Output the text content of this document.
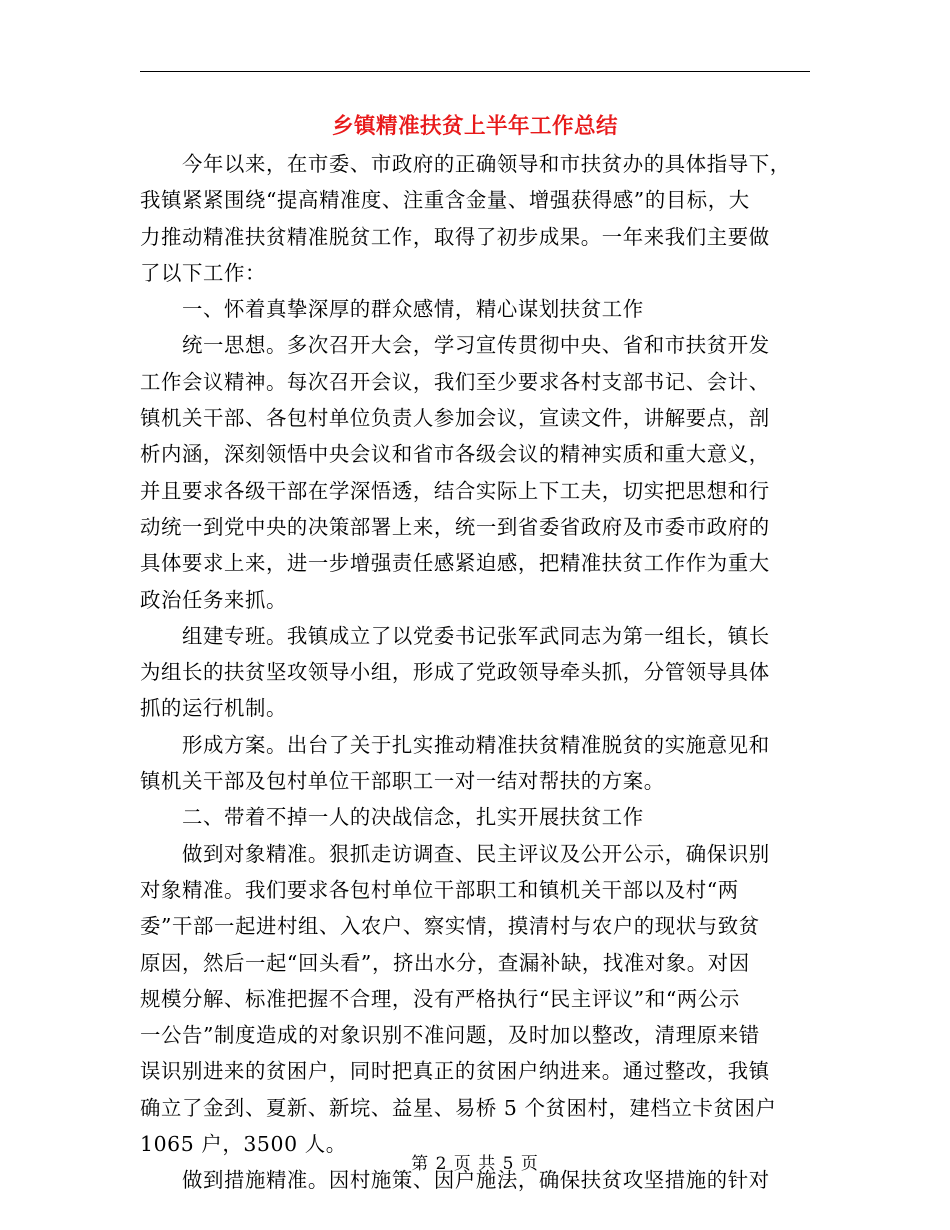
乡镇精准扶贫上半年工作总结
　　今年以来，在市委、市政府的正确领导和市扶贫办的具体指导下，
我镇紧紧围绕“提高精准度、注重含金量、增强获得感”的目标，大
力推动精准扶贫精准脱贫工作，取得了初步成果。一年来我们主要做
了以下工作：
　　一、怀着真挚深厚的群众感情，精心谋划扶贫工作
　　统一思想。多次召开大会，学习宣传贯彻中央、省和市扶贫开发
工作会议精神。每次召开会议，我们至少要求各村支部书记、会计、
镇机关干部、各包村单位负责人参加会议，宣读文件，讲解要点，剖
析内涵，深刻领悟中央会议和省市各级会议的精神实质和重大意义，
并且要求各级干部在学深悟透，结合实际上下工夫，切实把思想和行
动统一到党中央的决策部署上来，统一到省委省政府及市委市政府的
具体要求上来，进一步增强责任感紧迫感，把精准扶贫工作作为重大
政治任务来抓。
　　组建专班。我镇成立了以党委书记张军武同志为第一组长，镇长
为组长的扶贫坚攻领导小组，形成了党政领导牵头抓，分管领导具体
抓的运行机制。
　　形成方案。出台了关于扎实推动精准扶贫精准脱贫的实施意见和
镇机关干部及包村单位干部职工一对一结对帮扶的方案。
　　二、带着不掉一人的决战信念，扎实开展扶贫工作
　　做到对象精准。狠抓走访调查、民主评议及公开公示，确保识别
对象精准。我们要求各包村单位干部职工和镇机关干部以及村“两
委”干部一起进村组、入农户、察实情，摸清村与农户的现状与致贫
原因，然后一起“回头看”，挤出水分，查漏补缺，找准对象。对因
规模分解、标准把握不合理，没有严格执行“民主评议”和“两公示
一公告”制度造成的对象识别不准问题，及时加以整改，清理原来错
误识别进来的贫困户，同时把真正的贫困户纳进来。通过整改，我镇
确立了金刭、夏新、新垸、益星、易桥 5 个贫困村，建档立卡贫困户
1065 户，3500 人。
　　做到措施精准。因村施策、因户施法，确保扶贫攻坚措施的针对
第 2 页 共 5 页
